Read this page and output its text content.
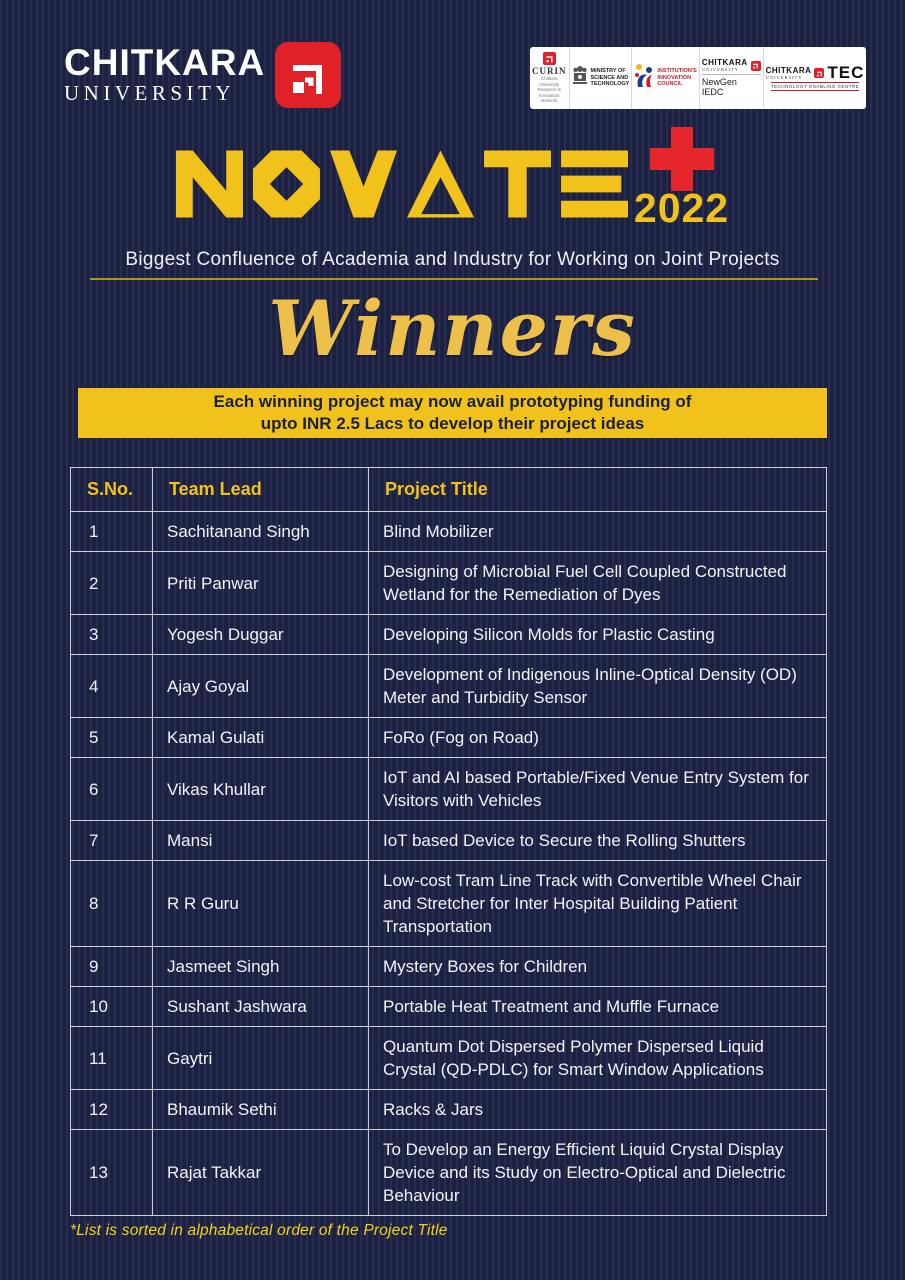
CHITKARA
UNIVERSITY
CURIN
Chitkara University Research & Innovation Network
MINISTRY OF SCIENCE AND TECHNOLOGY
INSTITUTION'S INNOVATION COUNCIL
CHITKARA
UNIVERSITY
NewGen IEDC
CHITKARA
UNIVERSITY	TEC
TECHNOLOGY ENABLING CENTRE
2022
Biggest Confluence of Academia and Industry for Working on Joint Projects
Winners
Each winning project may now avail prototyping funding of
upto INR 2.5 Lacs to develop their project ideas
S.No.	Team Lead	Project Title
1	Sachitanand Singh	Blind Mobilizer
2	Priti Panwar	Designing of Microbial Fuel Cell Coupled Constructed Wetland for the Remediation of Dyes
3	Yogesh Duggar	Developing Silicon Molds for Plastic Casting
4	Ajay Goyal	Development of Indigenous Inline-Optical Density (OD) Meter and Turbidity Sensor
5	Kamal Gulati	FoRo (Fog on Road)
6	Vikas Khullar	IoT and AI based Portable/Fixed Venue Entry System for Visitors with Vehicles
7	Mansi	IoT based Device to Secure the Rolling Shutters
8	R R Guru	Low-cost Tram Line Track with Convertible Wheel Chair and Stretcher for Inter Hospital Building Patient Transportation
9	Jasmeet Singh	Mystery Boxes for Children
10	Sushant Jashwara	Portable Heat Treatment and Muffle Furnace
11	Gaytri	Quantum Dot Dispersed Polymer Dispersed Liquid Crystal (QD-PDLC) for Smart Window Applications
12	Bhaumik Sethi	Racks & Jars
13	Rajat Takkar	To Develop an Energy Efficient Liquid Crystal Display Device and its Study on Electro-Optical and Dielectric Behaviour
*List is sorted in alphabetical order of the Project Title
